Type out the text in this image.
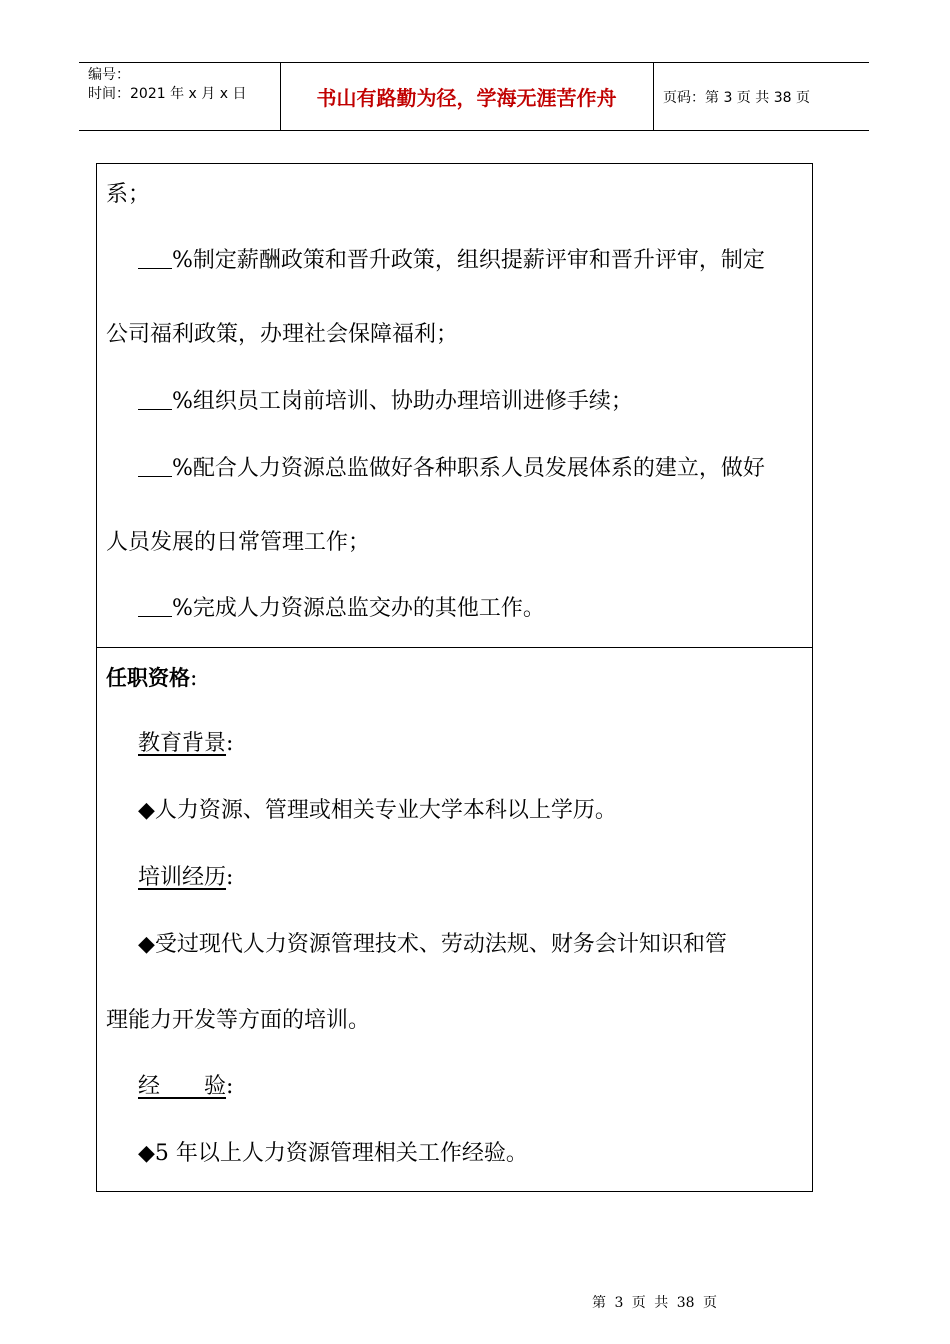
编号：
时间：2021 年 x 月 x 日	书山有路勤为径，学海无涯苦作舟	页码：第 3 页 共 38 页
系；
%制定薪酬政策和晋升政策，组织提薪评审和晋升评审，制定
公司福利政策，办理社会保障福利；
%组织员工岗前培训、协助办理培训进修手续；
%配合人力资源总监做好各种职系人员发展体系的建立，做好
人员发展的日常管理工作；
%完成人力资源总监交办的其他工作。
任职资格:
教育背景:
◆人力资源、管理或相关专业大学本科以上学历。
培训经历:
◆受过现代人力资源管理技术、劳动法规、财务会计知识和管
理能力开发等方面的培训。
经　　验:
◆5 年以上人力资源管理相关工作经验。
第 3 页 共 38 页
